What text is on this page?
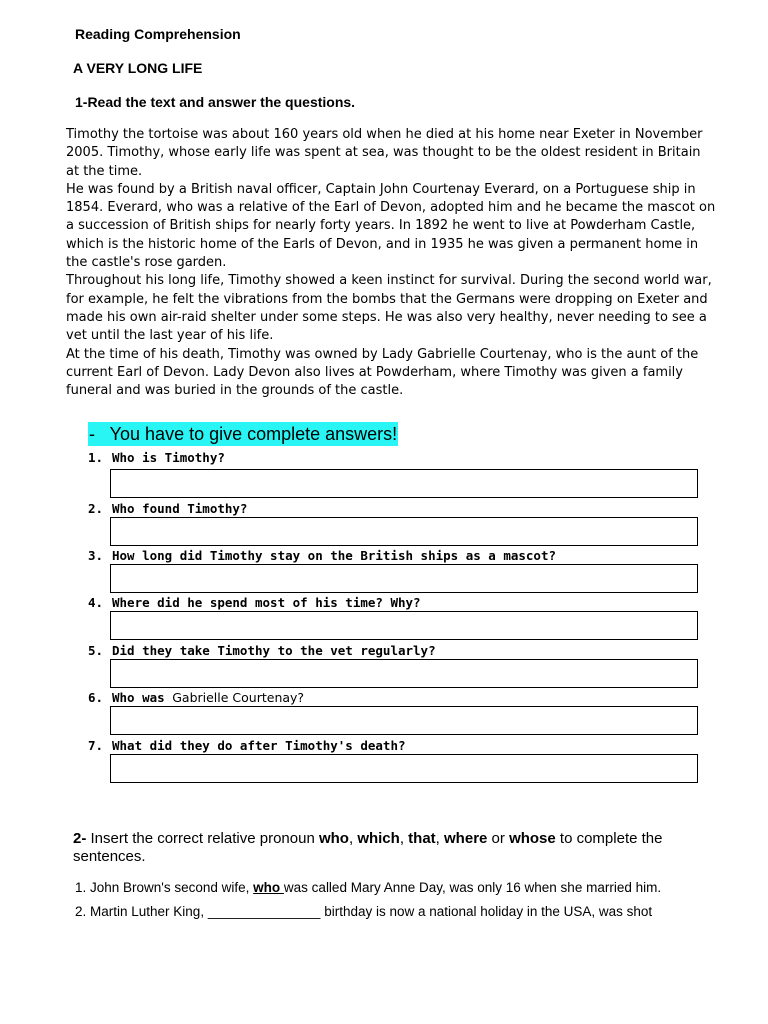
Reading Comprehension
A VERY LONG LIFE
1-Read the text and answer the questions.

Timothy the tortoise was about 160 years old when he died at his home near Exeter in November 2005. Timothy, whose early life was spent at sea, was thought to be the oldest resident in Britain at the time.

He was found by a British naval officer, Captain John Courtenay Everard, on a Portuguese ship in 1854. Everard, who was a relative of the Earl of Devon, adopted him and he became the mascot on a succession of British ships for nearly forty years. In 1892 he went to live at Powderham Castle, which is the historic home of the Earls of Devon, and in 1935 he was given a permanent home in the castle's rose garden.

Throughout his long life, Timothy showed a keen instinct for survival. During the second world war, for example, he felt the vibrations from the bombs that the Germans were dropping on Exeter and made his own air-raid shelter under some steps. He was also very healthy, never needing to see a vet until the last year of his life.

At the time of his death, Timothy was owned by Lady Gabrielle Courtenay, who is the aunt of the current Earl of Devon. Lady Devon also lives at Powderham, where Timothy was given a family funeral and was buried in the grounds of the castle.

-   You have to give complete answers!
1. Who is Timothy?
2. Who found Timothy?
3. How long did Timothy stay on the British ships as a mascot?
4. Where did he spend most of his time? Why?
5. Did they take Timothy to the vet regularly?
6. Who was Gabrielle Courtenay?
7. What did they do after Timothy's death?
2- Insert the correct relative pronoun who, which, that, where or whose to complete the sentences.
1. John Brown's second wife, who was called Mary Anne Day, was only 16 when she married him.
2. Martin Luther King, _______________ birthday is now a national holiday in the USA, was shot
